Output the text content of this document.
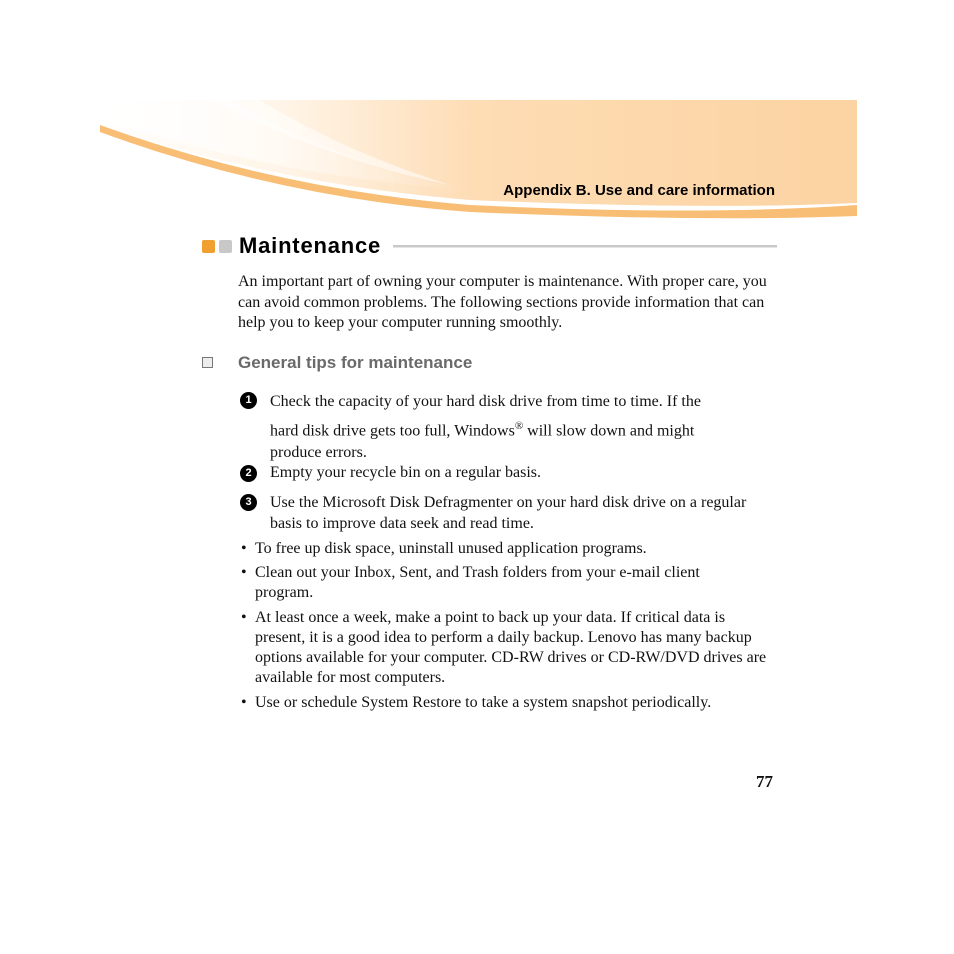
Appendix B. Use and care information
Maintenance

An important part of owning your computer is maintenance. With proper care, you can avoid common problems. The following sections provide information that can help you to keep your computer running smoothly.

General tips for maintenance
1	Check the capacity of your hard disk drive from time to time. If the
hard disk drive gets too full, Windows® will slow down and might
produce errors.
2	Empty your recycle bin on a regular basis.

3	Use the Microsoft Disk Defragmenter on your hard disk drive on a regular basis to improve data seek and read time.

• To free up disk space, uninstall unused application programs.

• Clean out your Inbox, Sent, and Trash folders from your e-mail client program.

• At least once a week, make a point to back up your data. If critical data is present, it is a good idea to perform a daily backup. Lenovo has many backup options available for your computer. CD-RW drives or CD-RW/DVD drives are available for most computers.

• Use or schedule System Restore to take a system snapshot periodically.

77
